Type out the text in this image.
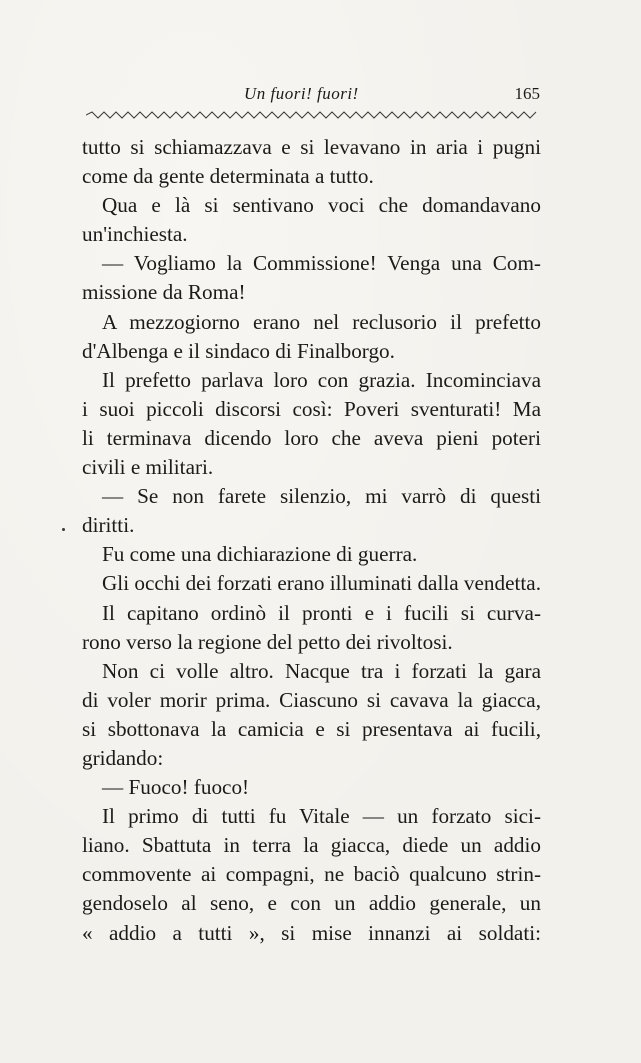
Un fuori! fuori!	165
tutto si schiamazzava e si levavano in aria i pugni
come da gente determinata a tutto.
Qua e là si sentivano voci che domandavano
un'inchiesta.
— Vogliamo la Commissione! Venga una Com-
missione da Roma!
A mezzogiorno erano nel reclusorio il prefetto
d'Albenga e il sindaco di Finalborgo.
Il prefetto parlava loro con grazia. Incominciava
i suoi piccoli discorsi così: Poveri sventurati! Ma
li terminava dicendo loro che aveva pieni poteri
civili e militari.
— Se non farete silenzio, mi varrò di questi
diritti.
Fu come una dichiarazione di guerra.
Gli occhi dei forzati erano illuminati dalla vendetta.
Il capitano ordinò il pronti e i fucili si curva-
rono verso la regione del petto dei rivoltosi.
Non ci volle altro. Nacque tra i forzati la gara
di voler morir prima. Ciascuno si cavava la giacca,
si sbottonava la camicia e si presentava ai fucili,
gridando:
— Fuoco! fuoco!
Il primo di tutti fu Vitale — un forzato sici-
liano. Sbattuta in terra la giacca, diede un addio
commovente ai compagni, ne baciò qualcuno strin-
gendoselo al seno, e con un addio generale, un
« addio a tutti », si mise innanzi ai soldati:
